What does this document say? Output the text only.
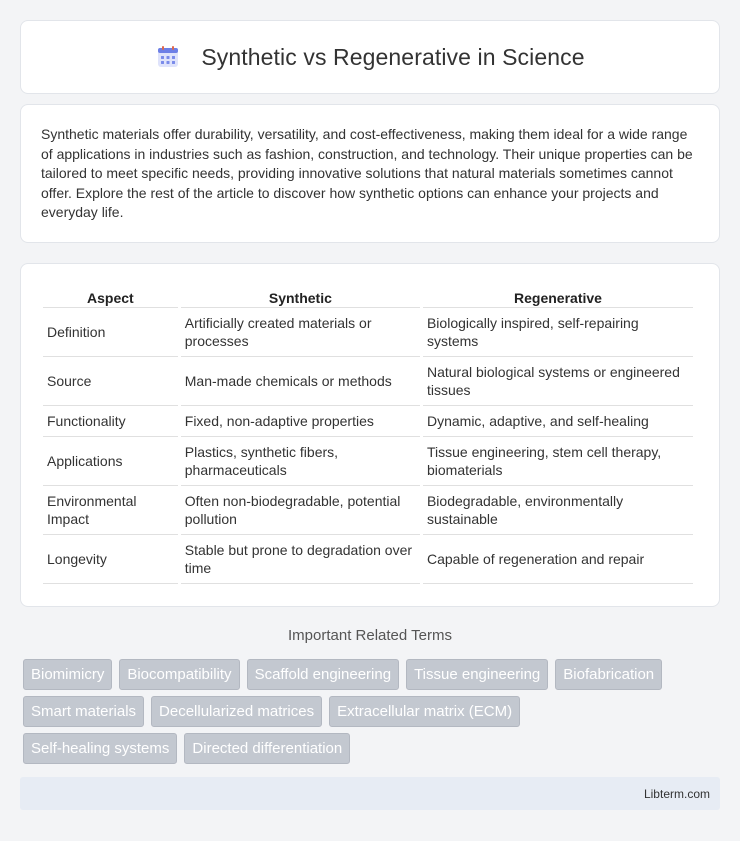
Synthetic vs Regenerative in Science

Synthetic materials offer durability, versatility, and cost-effectiveness, making them ideal for a wide range of applications in industries such as fashion, construction, and technology. Their unique properties can be tailored to meet specific needs, providing innovative solutions that natural materials sometimes cannot offer. Explore the rest of the article to discover how synthetic options can enhance your projects and everyday life.

Aspect	Synthetic	Regenerative
Definition	Artificially created materials or processes	Biologically inspired, self-repairing systems
Source	Man-made chemicals or methods	Natural biological systems or engineered tissues
Functionality	Fixed, non-adaptive properties	Dynamic, adaptive, and self-healing
Applications	Plastics, synthetic fibers, pharmaceuticals	Tissue engineering, stem cell therapy, biomaterials
Environmental Impact	Often non-biodegradable, potential pollution	Biodegradable, environmentally sustainable
Longevity	Stable but prone to degradation over time	Capable of regeneration and repair
Important Related Terms
Biomimicry	Biocompatibility	Scaffold engineering	Tissue engineering	Biofabrication
Smart materials	Decellularized matrices	Extracellular matrix (ECM)
Self-healing systems	Directed differentiation
Libterm.com
